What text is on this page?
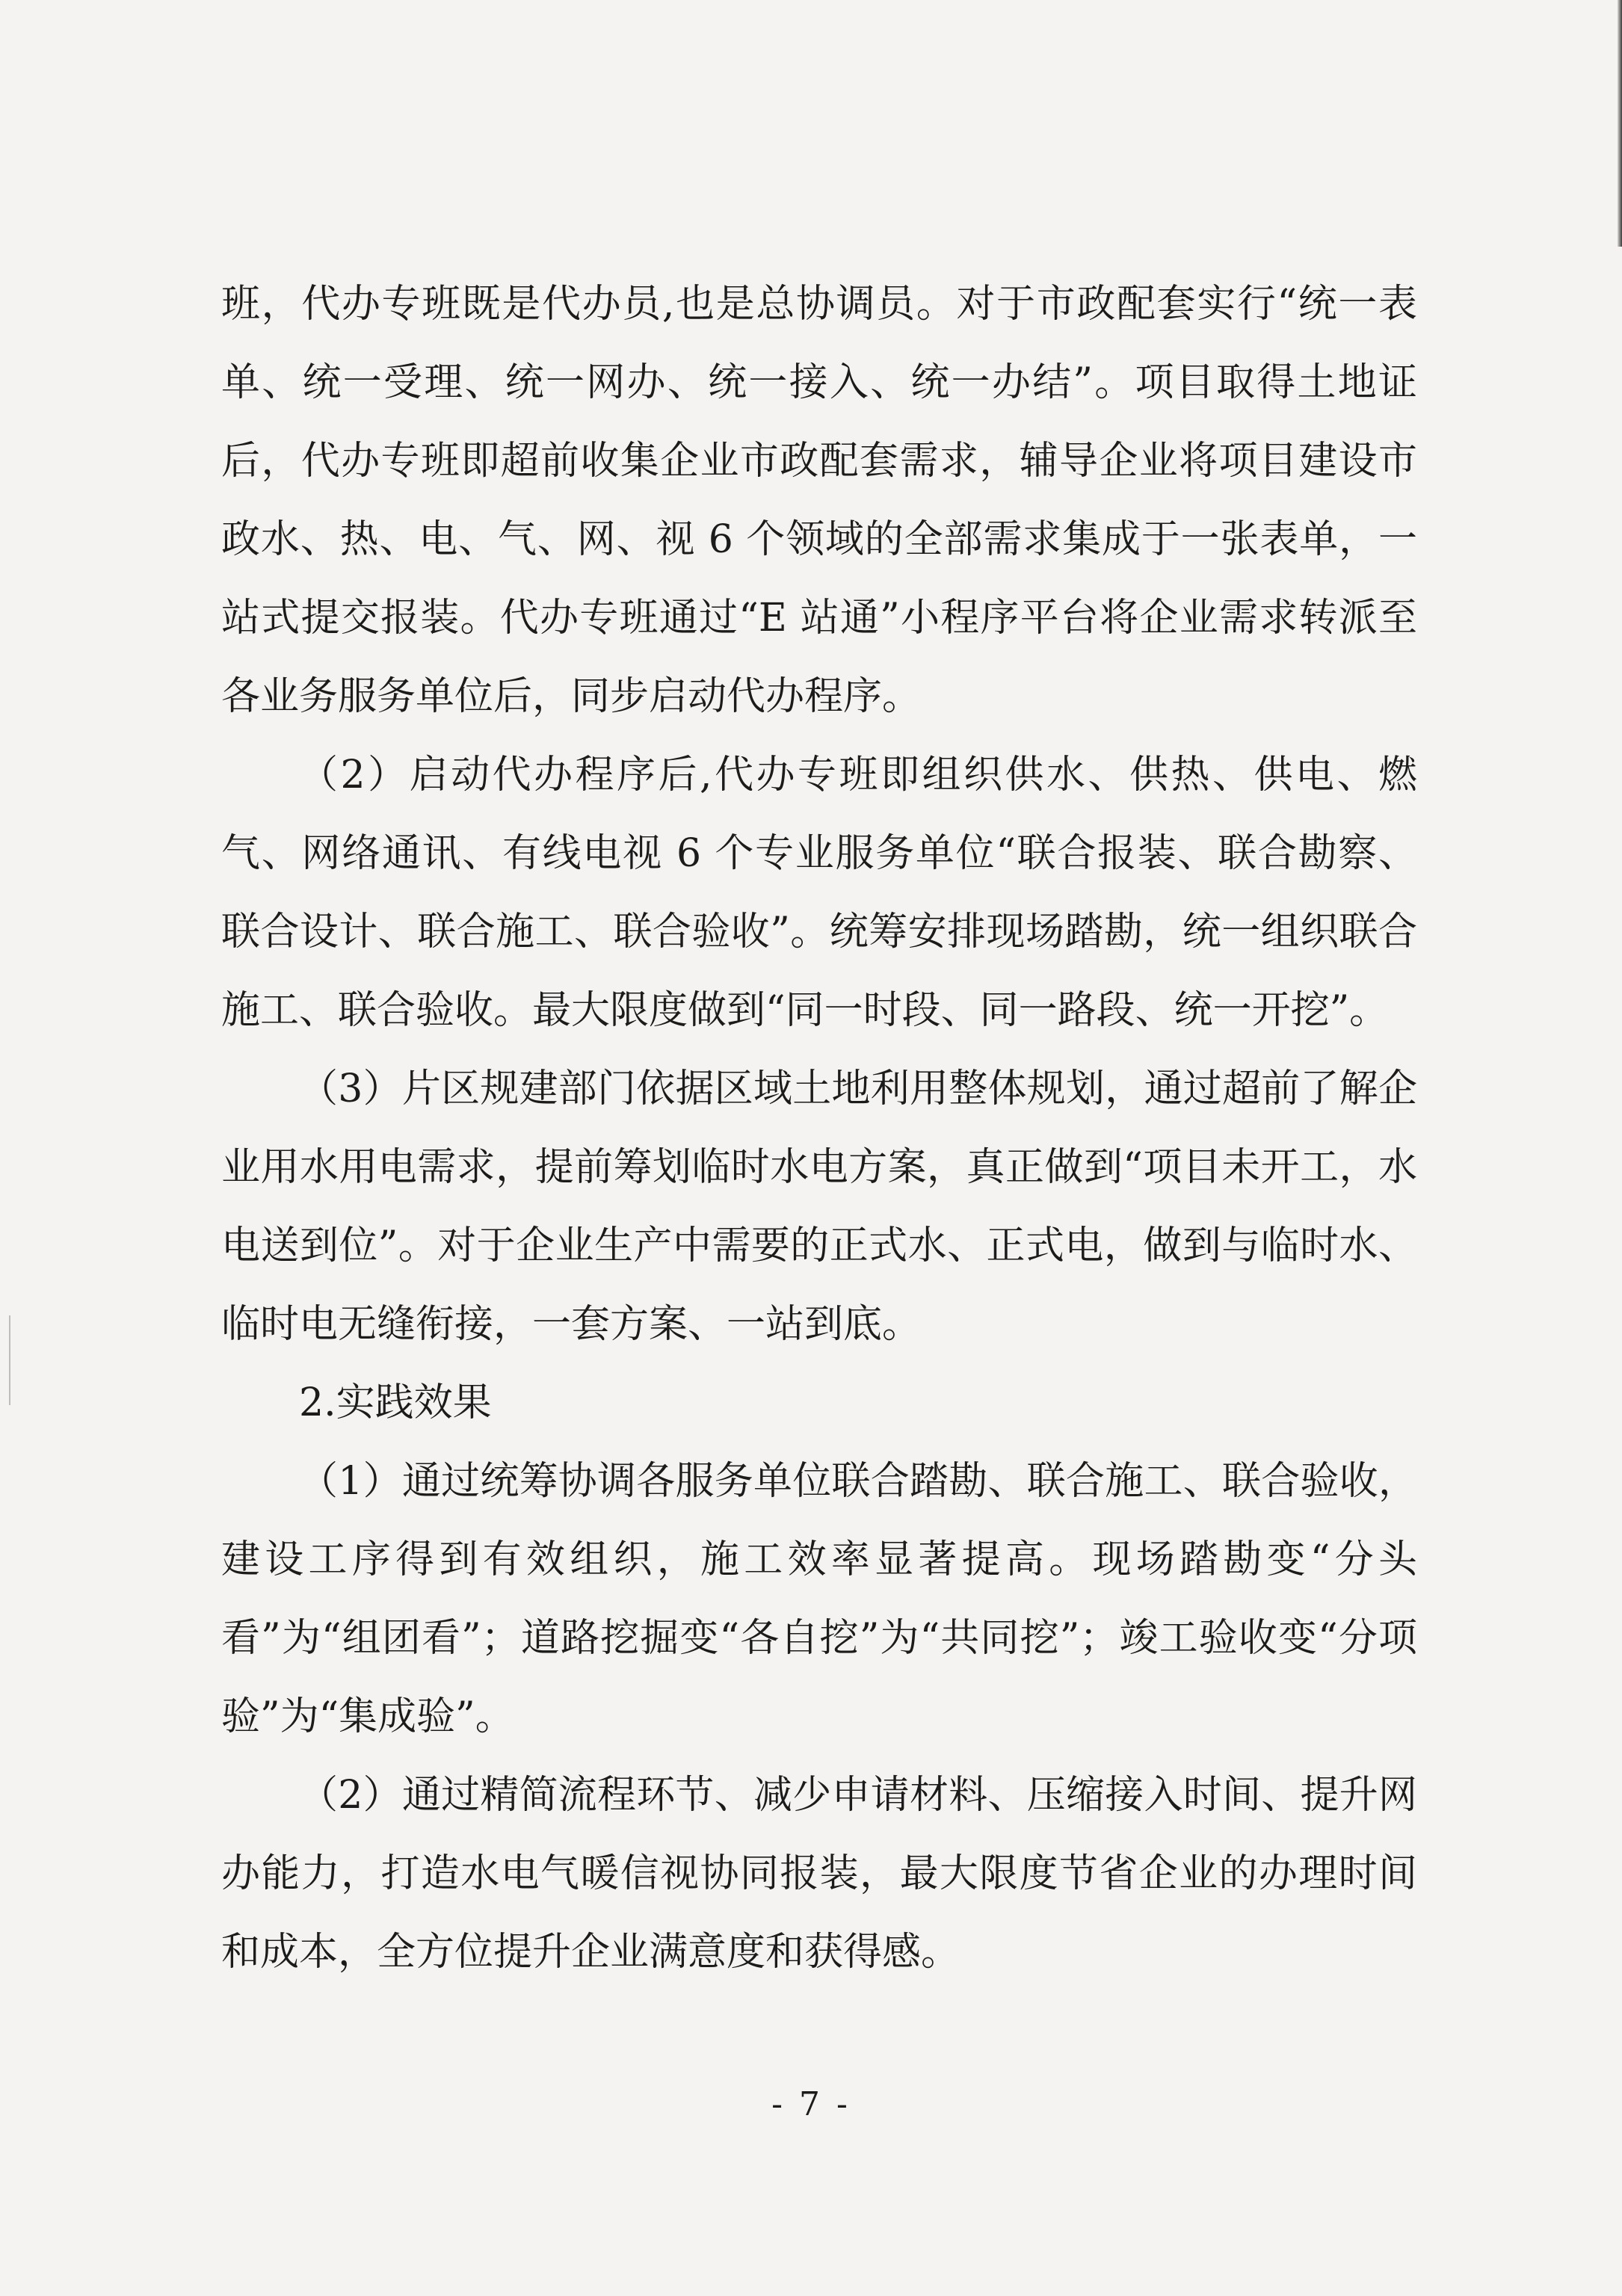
班，代办专班既是代办员,也是总协调员。对于市政配套实行“统一表单、统一受理、统一网办、统一接入、统一办结”。项目取得土地证后，代办专班即超前收集企业市政配套需求，辅导企业将项目建设市政水、热、电、气、网、视 6 个领域的全部需求集成于一张表单，一站式提交报装。代办专班通过“E 站通”小程序平台将企业需求转派至各业务服务单位后，同步启动代办程序。

（2）启动代办程序后,代办专班即组织供水、供热、供电、燃气、网络通讯、有线电视 6 个专业服务单位“联合报装、联合勘察、联合设计、联合施工、联合验收”。统筹安排现场踏勘，统一组织联合施工、联合验收。最大限度做到“同一时段、同一路段、统一开挖”。

（3）片区规建部门依据区域土地利用整体规划，通过超前了解企业用水用电需求，提前筹划临时水电方案，真正做到“项目未开工，水电送到位”。对于企业生产中需要的正式水、正式电，做到与临时水、临时电无缝衔接，一套方案、一站到底。

2.实践效果

（1）通过统筹协调各服务单位联合踏勘、联合施工、联合验收，建设工序得到有效组织，施工效率显著提高。现场踏勘变“分头看”为“组团看”；道路挖掘变“各自挖”为“共同挖”；竣工验收变“分项验”为“集成验”。

（2）通过精简流程环节、减少申请材料、压缩接入时间、提升网办能力，打造水电气暖信视协同报装，最大限度节省企业的办理时间和成本，全方位提升企业满意度和获得感。

- 7 -
